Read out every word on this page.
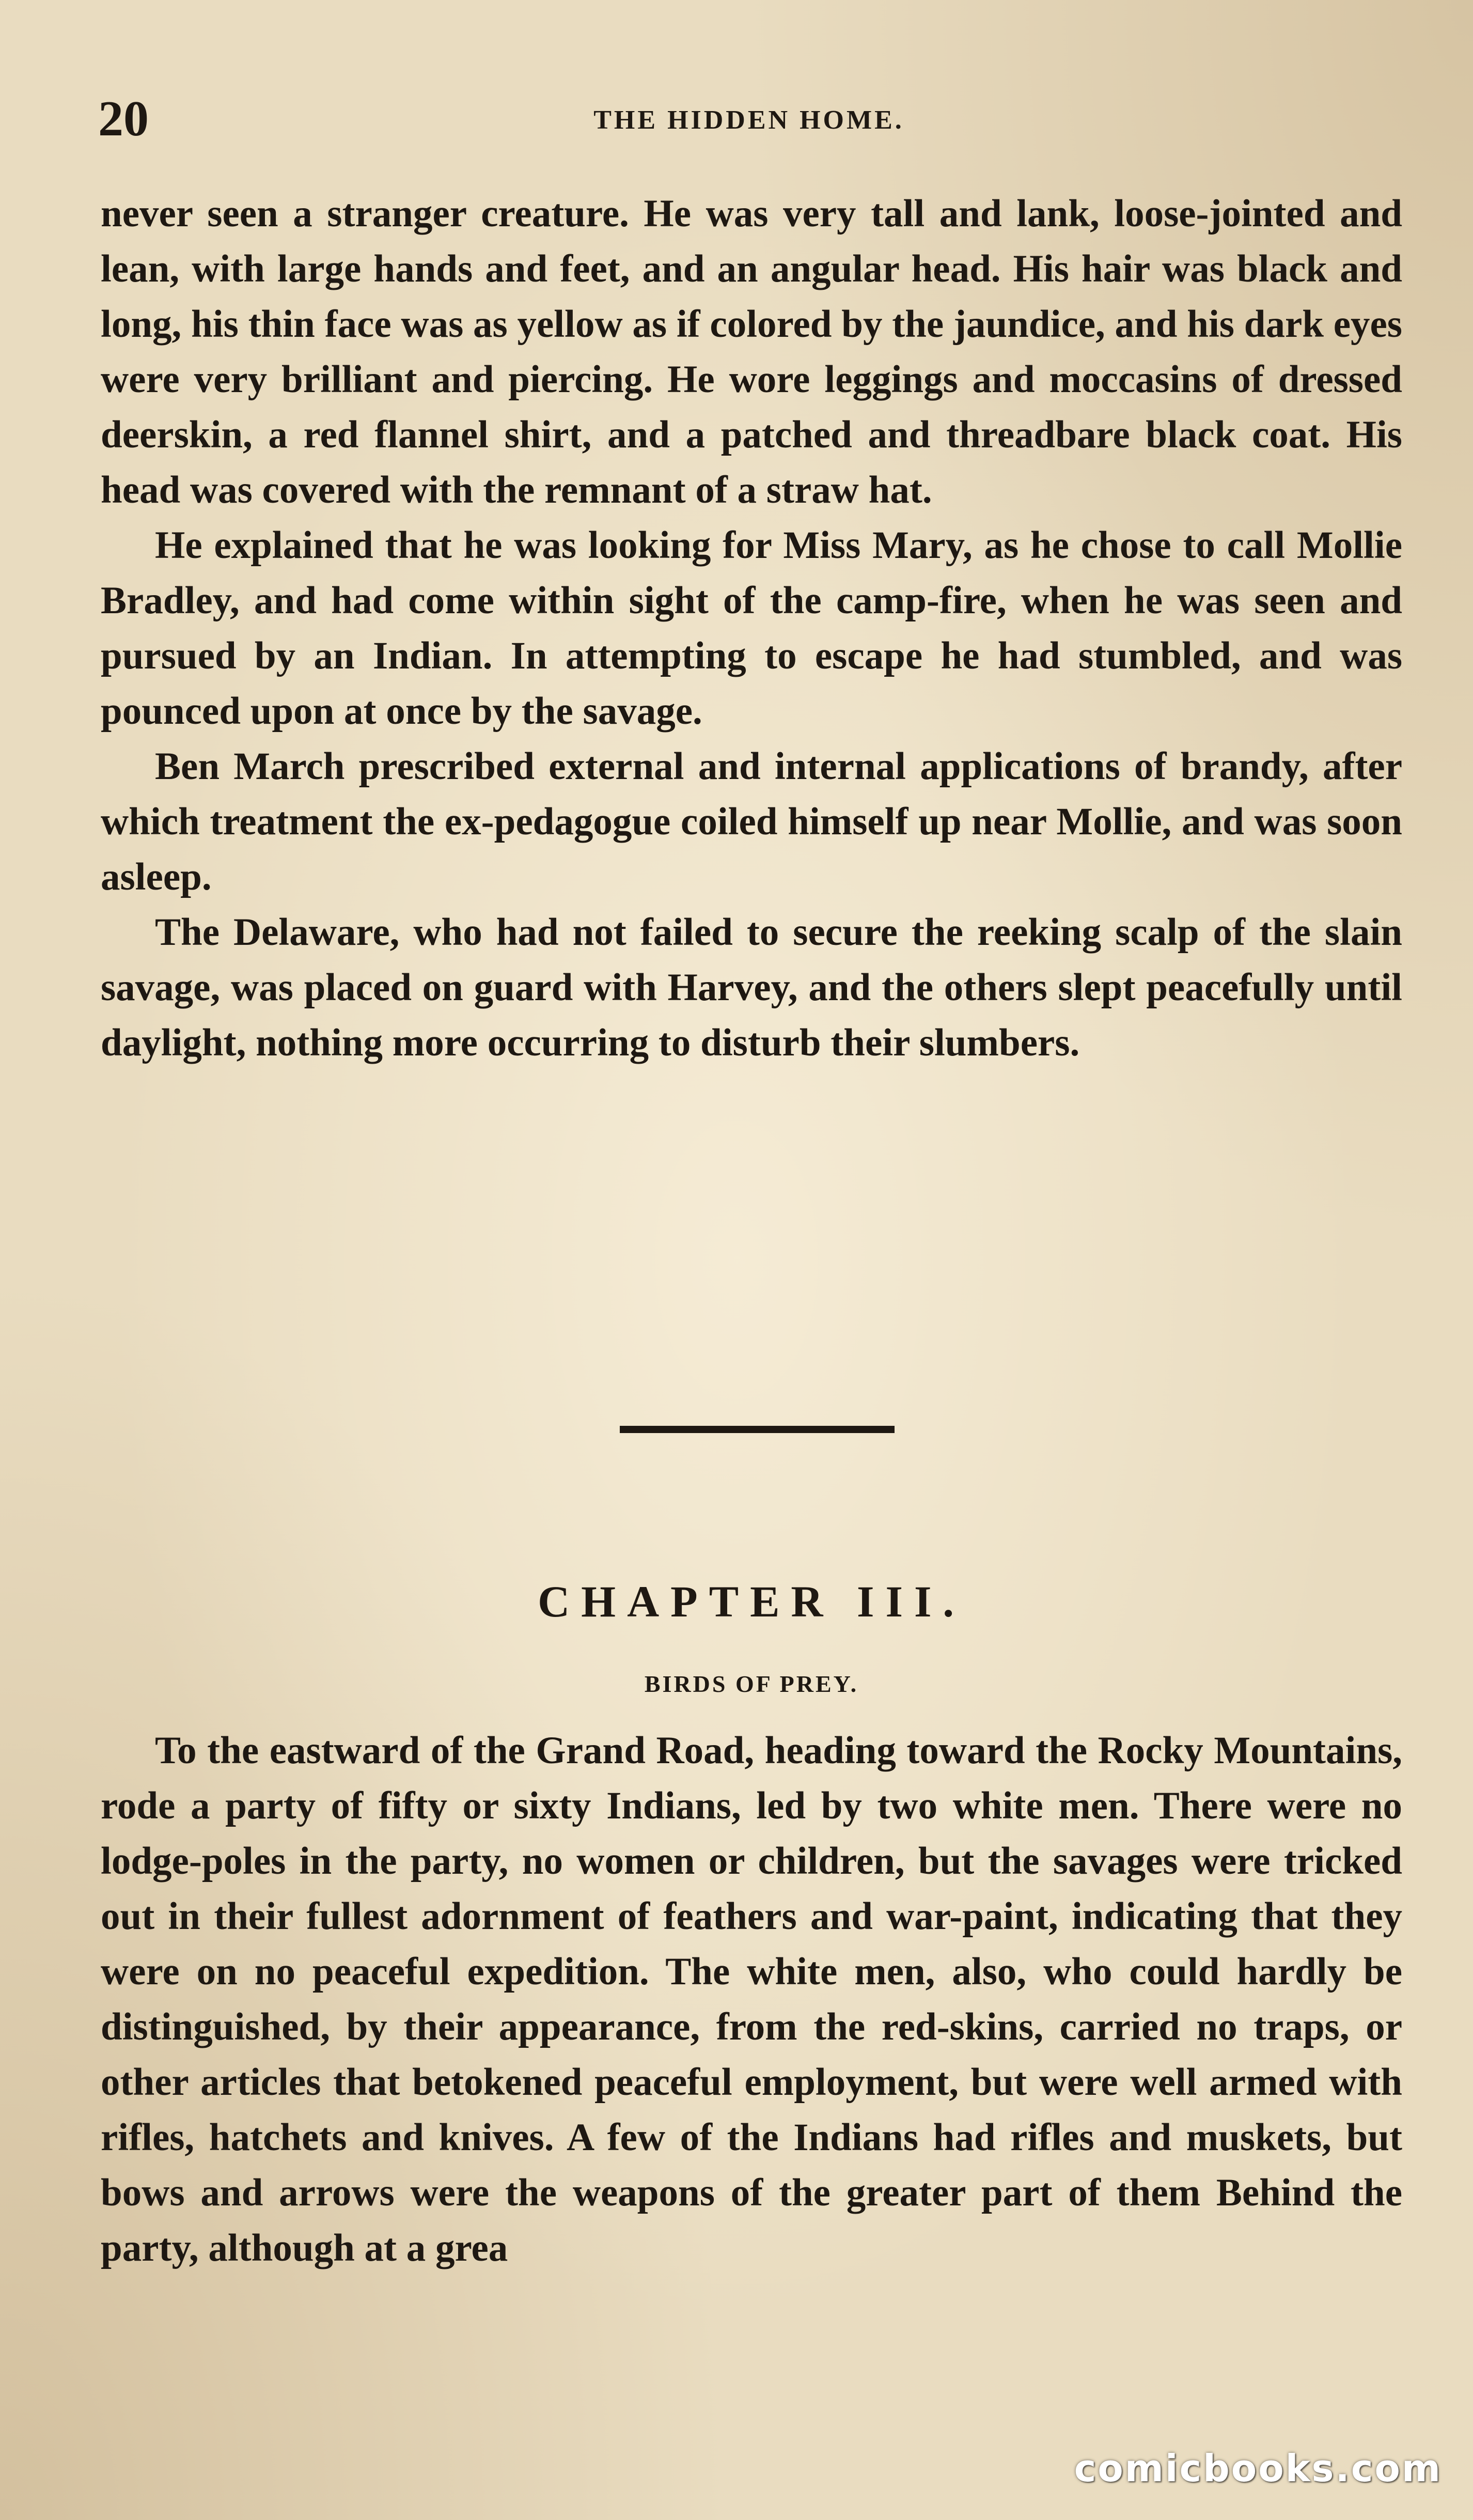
20	THE HIDDEN HOME.

never seen a stranger creature. He was very tall and lank, loose-jointed and lean, with large hands and feet, and an angular head. His hair was black and long, his thin face was as yellow as if colored by the jaundice, and his dark eyes were very brilliant and piercing. He wore leggings and moccasins of dressed deerskin, a red flannel shirt, and a patched and threadbare black coat. His head was covered with the remnant of a straw hat.

He explained that he was looking for Miss Mary, as he chose to call Mollie Bradley, and had come within sight of the camp-fire, when he was seen and pursued by an Indian. In attempting to escape he had stumbled, and was pounced upon at once by the savage.

Ben March prescribed external and internal applications of brandy, after which treatment the ex-pedagogue coiled himself up near Mollie, and was soon asleep.

The Delaware, who had not failed to secure the reeking scalp of the slain savage, was placed on guard with Harvey, and the others slept peacefully until daylight, nothing more occurring to disturb their slumbers.

CHAPTER III.
BIRDS OF PREY.

To the eastward of the Grand Road, heading toward the Rocky Mountains, rode a party of fifty or sixty Indians, led by two white men. There were no lodge-poles in the party, no women or children, but the savages were tricked out in their fullest adornment of feathers and war-paint, indicating that they were on no peaceful expedition. The white men, also, who could hardly be distinguished, by their appearance, from the red-skins, carried no traps, or other articles that betokened peaceful employment, but were well armed with rifles, hatchets and knives. A few of the Indians had rifles and muskets, but bows and arrows were the weapons of the greater part of them Behind the party, although at a grea

comicbooks.com
